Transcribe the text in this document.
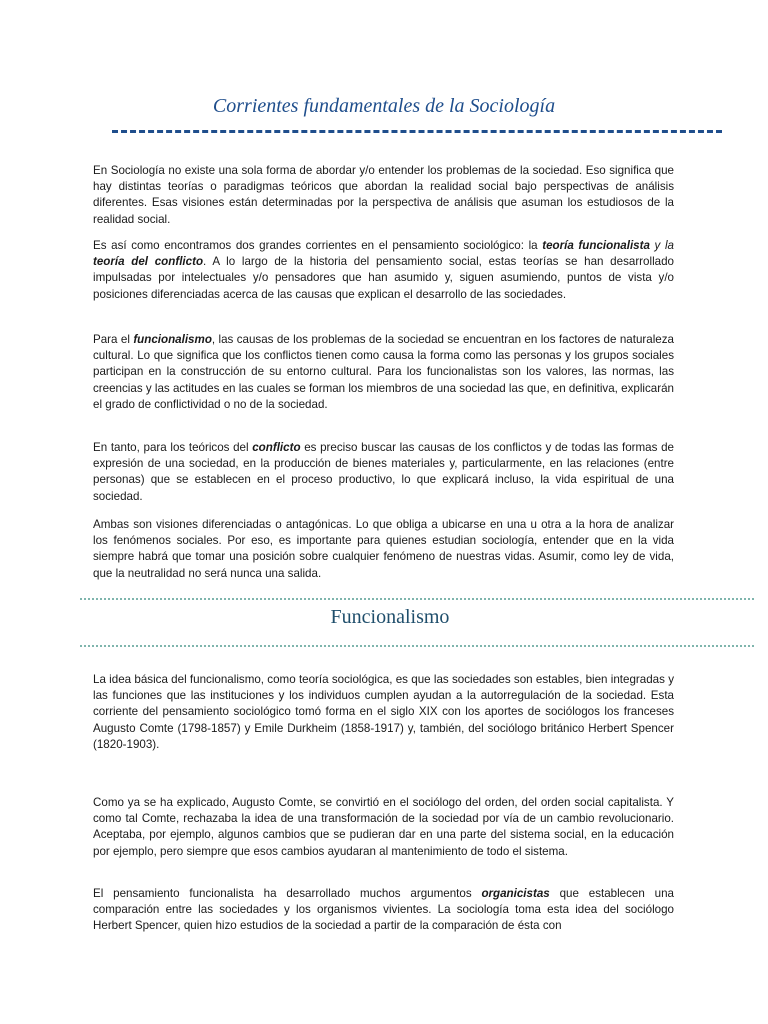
Corrientes fundamentales de la Sociología

En Sociología no existe una sola forma de abordar y/o entender los problemas de la sociedad. Eso significa que hay distintas teorías o paradigmas teóricos que abordan la realidad social bajo perspectivas de análisis diferentes. Esas visiones están determinadas por la perspectiva de análisis que asuman los estudiosos de la realidad social.

Es así como encontramos dos grandes corrientes en el pensamiento sociológico: la teoría funcionalista y la teoría del conflicto. A lo largo de la historia del pensamiento social, estas teorías se han desarrollado impulsadas por intelectuales y/o pensadores que han asumido y, siguen asumiendo, puntos de vista y/o posiciones diferenciadas acerca de las causas que explican el desarrollo de las sociedades.

Para el funcionalismo, las causas de los problemas de la sociedad se encuentran en los factores de naturaleza cultural. Lo que significa que los conflictos tienen como causa la forma como las personas y los grupos sociales participan en la construcción de su entorno cultural. Para los funcionalistas son los valores, las normas, las creencias y las actitudes en las cuales se forman los miembros de una sociedad las que, en definitiva, explicarán el grado de conflictividad o no de la sociedad.

En tanto, para los teóricos del conflicto es preciso buscar las causas de los conflictos y de todas las formas de expresión de una sociedad, en la producción de bienes materiales y, particularmente, en las relaciones (entre personas) que se establecen en el proceso productivo, lo que explicará incluso, la vida espiritual de una sociedad.

Ambas son visiones diferenciadas o antagónicas. Lo que obliga a ubicarse en una u otra a la hora de analizar los fenómenos sociales. Por eso, es importante para quienes estudian sociología, entender que en la vida siempre habrá que tomar una posición sobre cualquier fenómeno de nuestras vidas. Asumir, como ley de vida, que la neutralidad no será nunca una salida.

Funcionalismo

La idea básica del funcionalismo, como teoría sociológica, es que las sociedades son estables, bien integradas y las funciones que las instituciones y los individuos cumplen ayudan a la autorregulación de la sociedad. Esta corriente del pensamiento sociológico tomó forma en el siglo XIX con los aportes de sociólogos los franceses Augusto Comte (1798-1857) y Emile Durkheim (1858-1917) y, también, del sociólogo británico Herbert Spencer (1820-1903).

Como ya se ha explicado, Augusto Comte, se convirtió en el sociólogo del orden, del orden social capitalista. Y como tal Comte, rechazaba la idea de una transformación de la sociedad por vía de un cambio revolucionario. Aceptaba, por ejemplo, algunos cambios que se pudieran dar en una parte del sistema social, en la educación por ejemplo, pero siempre que esos cambios ayudaran al mantenimiento de todo el sistema.

El pensamiento funcionalista ha desarrollado muchos argumentos organicistas que establecen una comparación entre las sociedades y los organismos vivientes. La sociología toma esta idea del sociólogo Herbert Spencer, quien hizo estudios de la sociedad a partir de la comparación de ésta con
